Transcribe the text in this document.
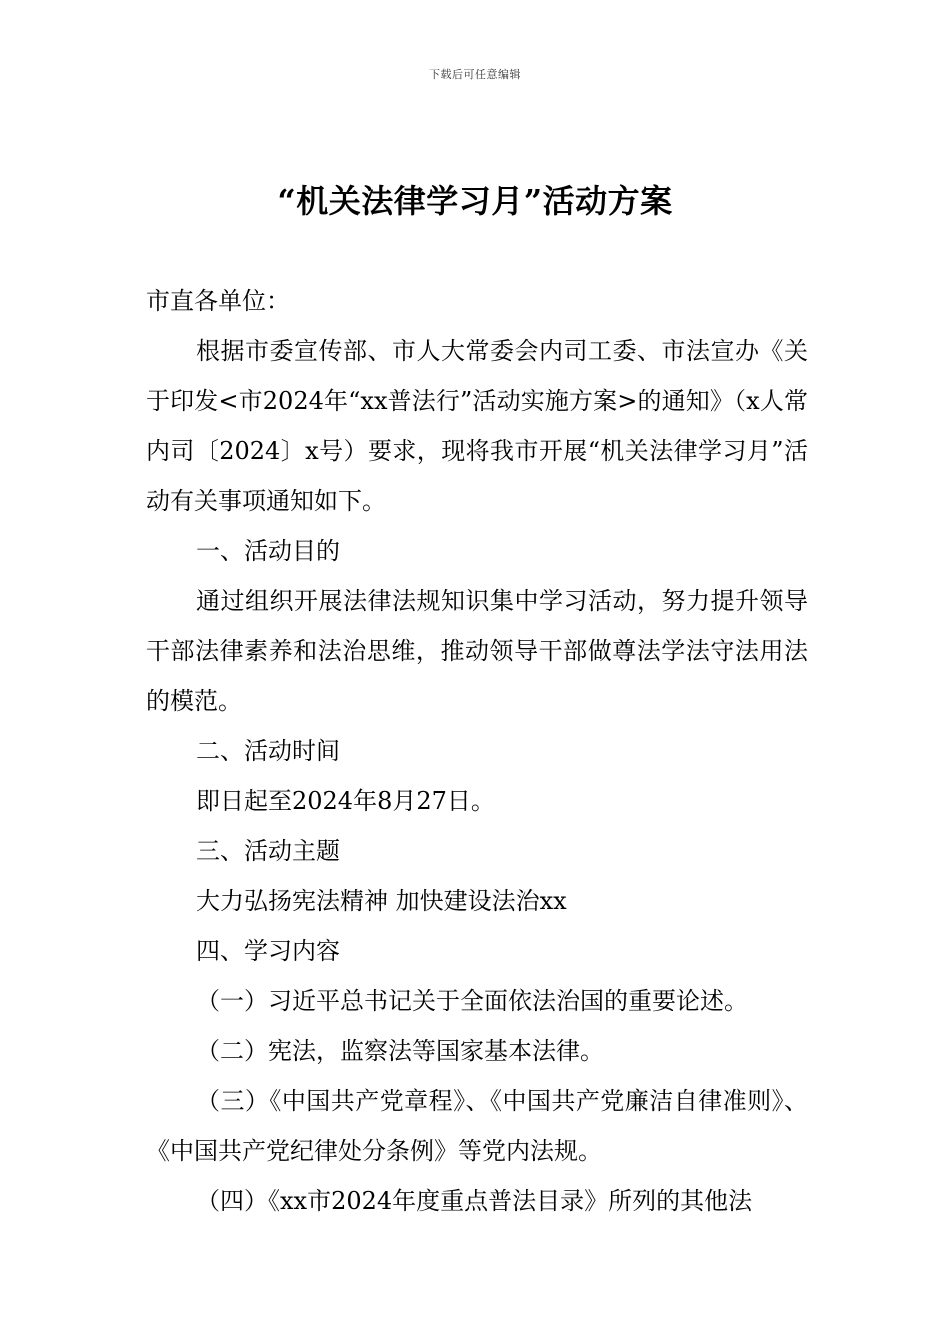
下载后可任意编辑
“机关法律学习月”活动方案

市直各单位：

根据市委宣传部、市人大常委会内司工委、市法宣办《关于印发<市2024年“xx普法行”活动实施方案>的通知》（x人常内司〔2024〕x号）要求，现将我市开展“机关法律学习月”活动有关事项通知如下。

一、活动目的

通过组织开展法律法规知识集中学习活动，努力提升领导干部法律素养和法治思维，推动领导干部做尊法学法守法用法的模范。

二、活动时间

即日起至2024年8月27日。

三、活动主题

大力弘扬宪法精神 加快建设法治xx

四、学习内容

（一）习近平总书记关于全面依法治国的重要论述。

（二）宪法，监察法等国家基本法律。

（三）《中国共产党章程》、《中国共产党廉洁自律准则》、《中国共产党纪律处分条例》等党内法规。

（四）《xx市2024年度重点普法目录》所列的其他法
